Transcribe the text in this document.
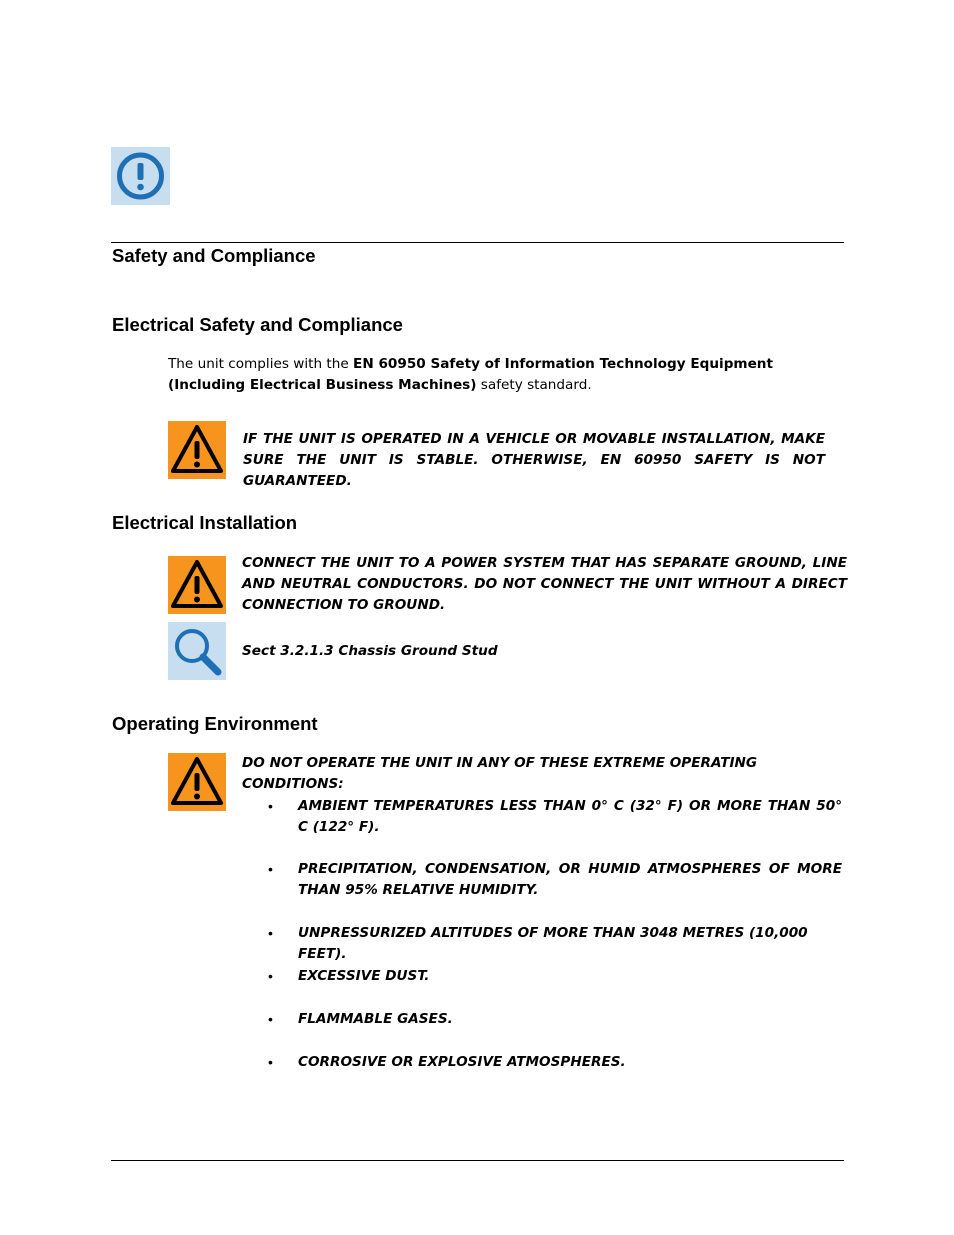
Safety and Compliance
Electrical Safety and Compliance
The unit complies with the EN 60950 Safety of Information Technology Equipment (Including Electrical Business Machines) safety standard.
IF THE UNIT IS OPERATED IN A VEHICLE OR MOVABLE INSTALLATION, MAKE SURE THE UNIT IS STABLE. OTHERWISE, EN 60950 SAFETY IS NOT GUARANTEED.
Electrical Installation
CONNECT THE UNIT TO A POWER SYSTEM THAT HAS SEPARATE GROUND, LINE AND NEUTRAL CONDUCTORS. DO NOT CONNECT THE UNIT WITHOUT A DIRECT CONNECTION TO GROUND.
Sect 3.2.1.3 Chassis Ground Stud
Operating Environment
DO NOT OPERATE THE UNIT IN ANY OF THESE EXTREME OPERATING CONDITIONS:
• AMBIENT TEMPERATURES LESS THAN 0° C (32° F) OR MORE THAN 50° C (122° F).
• PRECIPITATION, CONDENSATION, OR HUMID ATMOSPHERES OF MORE THAN 95% RELATIVE HUMIDITY.
• UNPRESSURIZED ALTITUDES OF MORE THAN 3048 METRES (10,000 FEET).
• EXCESSIVE DUST.
• FLAMMABLE GASES.
• CORROSIVE OR EXPLOSIVE ATMOSPHERES.
